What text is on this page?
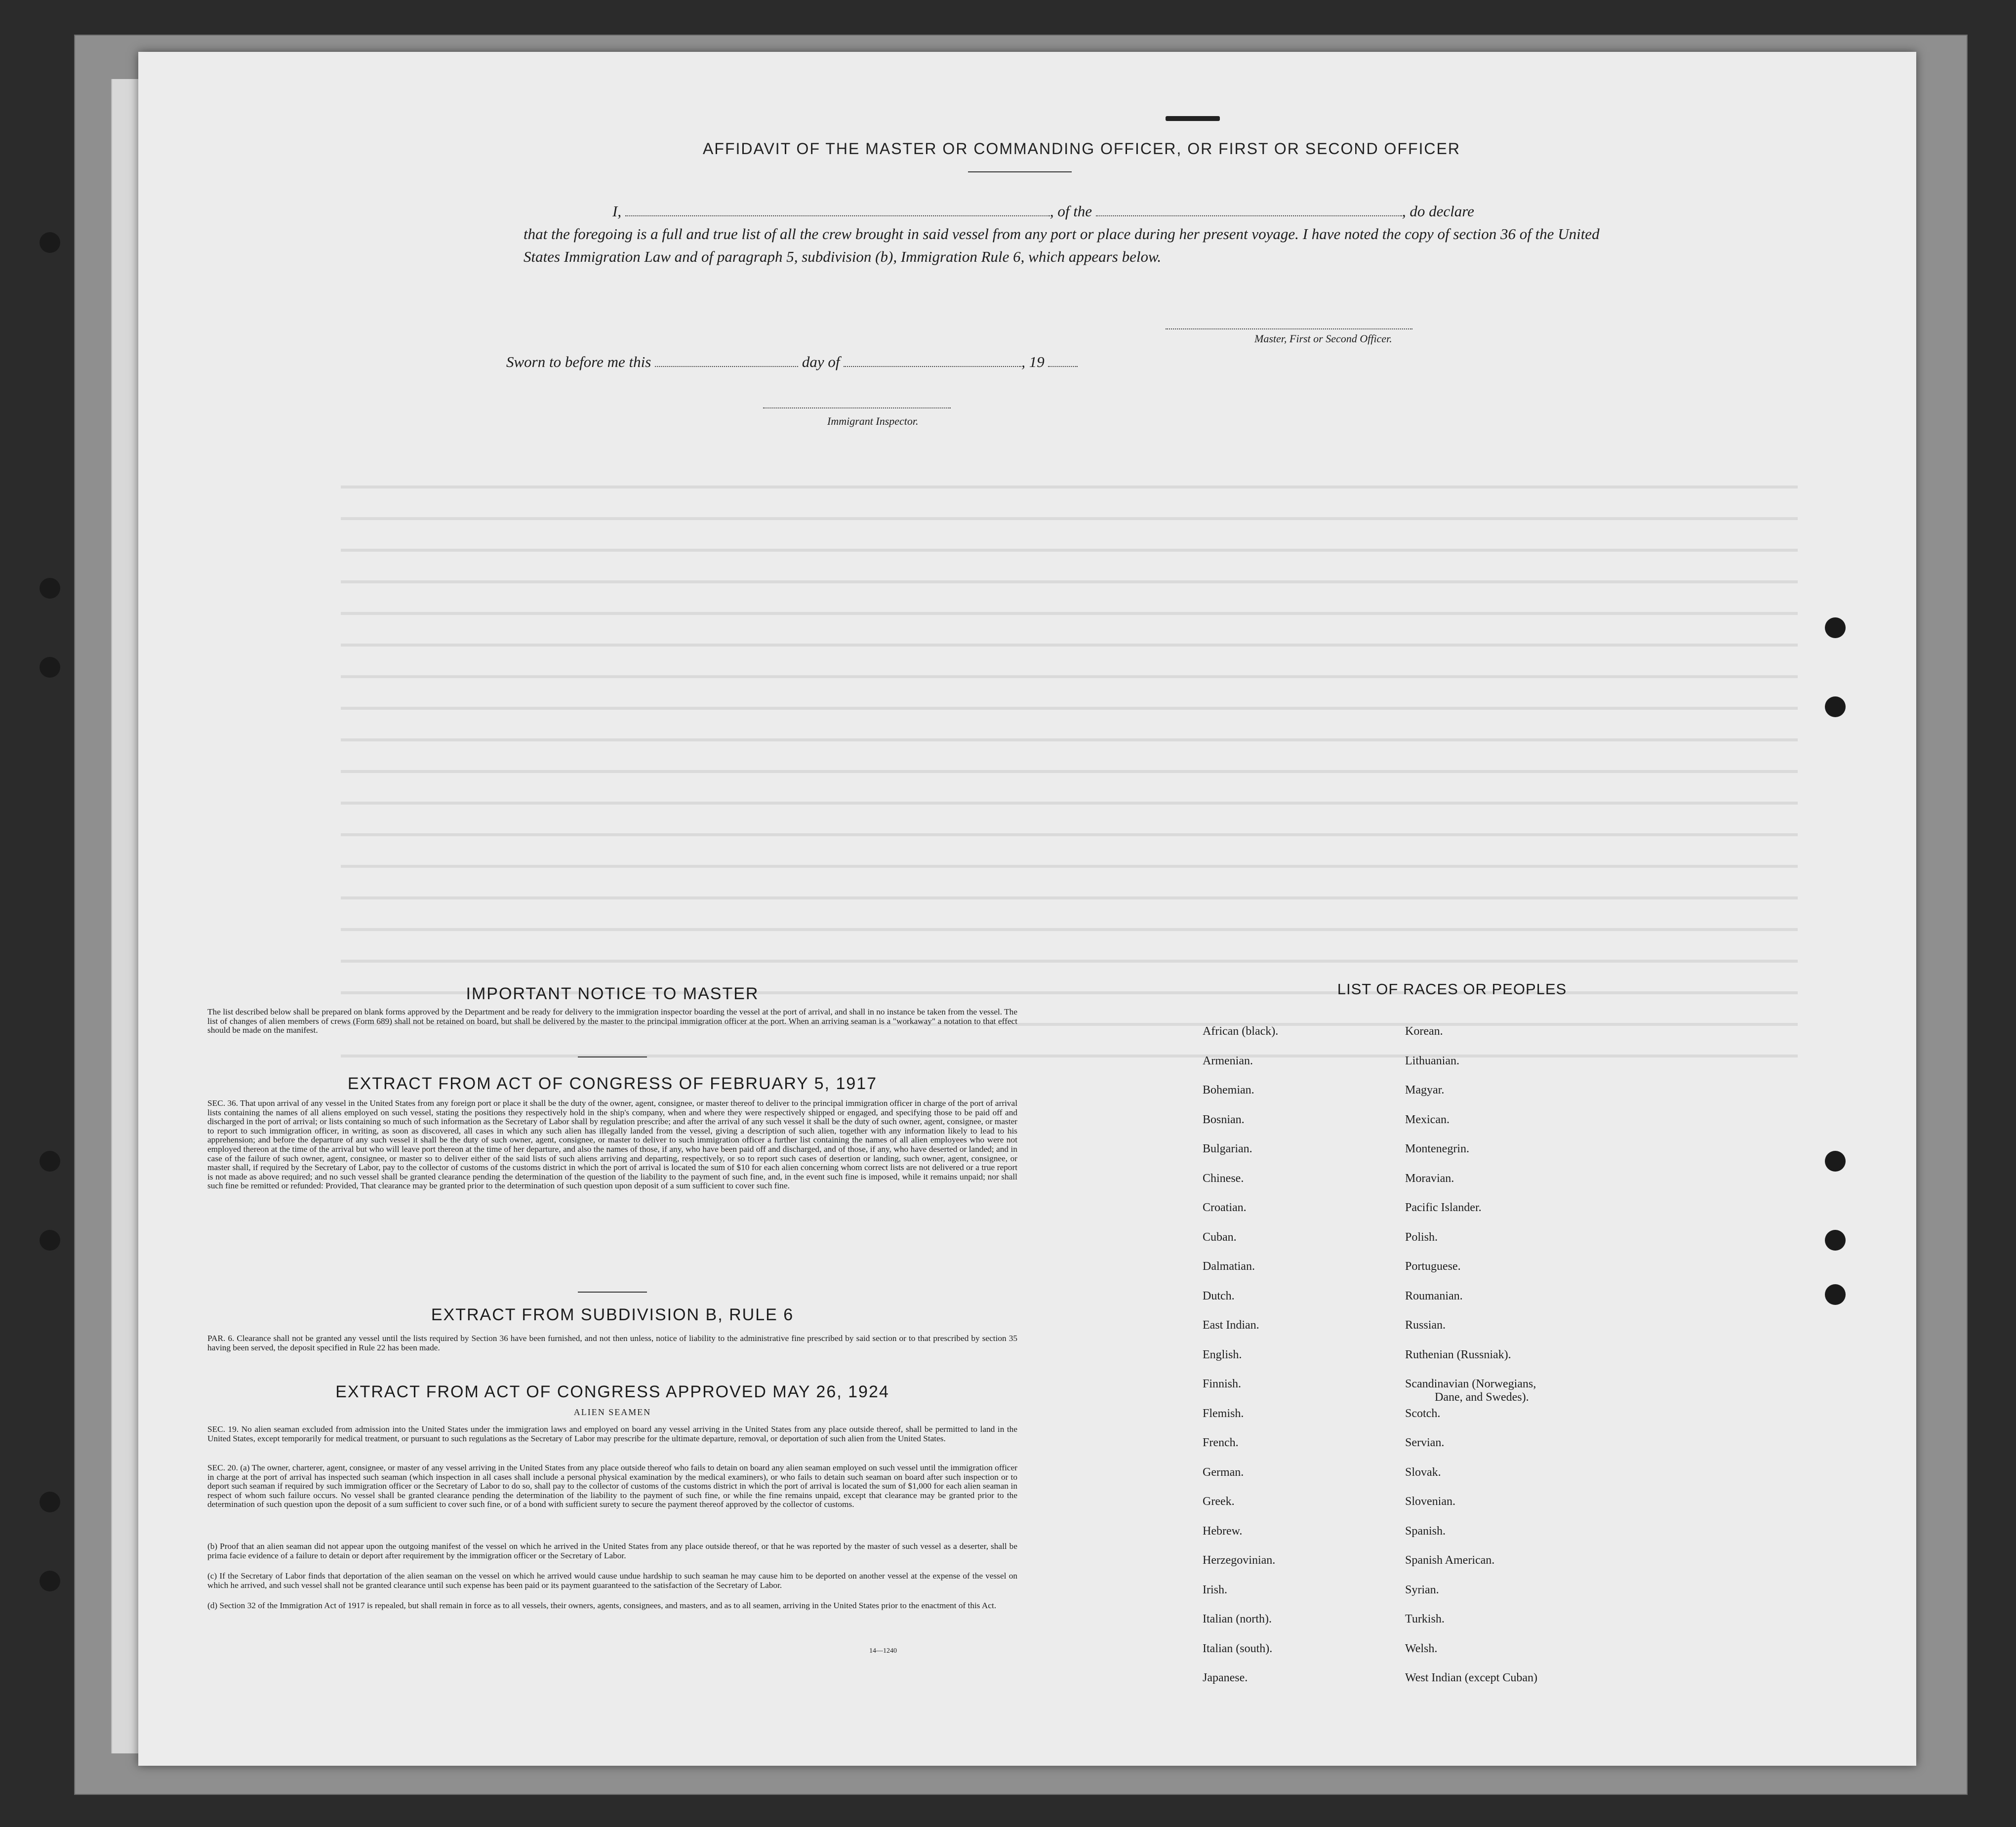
AFFIDAVIT OF THE MASTER OR COMMANDING OFFICER, OR FIRST OR SECOND OFFICER
I,	, of the	, do declare
that the foregoing is a full and true list of all the crew brought in said vessel from any port or place during her present voyage. I have noted the copy of section 36 of the United States Immigration Law and of paragraph 5, subdivision (b), Immigration Rule 6, which appears below.
Master, First or Second Officer.
Sworn to before me this	day of	, 19
Immigrant Inspector.
IMPORTANT NOTICE TO MASTER
The list described below shall be prepared on blank forms approved by the Department and be ready for delivery to the immigration inspector boarding the vessel at the port of arrival, and shall in no instance be taken from the vessel. The list of changes of alien members of crews (Form 689) shall not be retained on board, but shall be delivered by the master to the principal immigration officer at the port. When an arriving seaman is a "workaway" a notation to that effect should be made on the manifest.
EXTRACT FROM ACT OF CONGRESS OF FEBRUARY 5, 1917
SEC. 36. That upon arrival of any vessel in the United States from any foreign port or place it shall be the duty of the owner, agent, consignee, or master thereof to deliver to the principal immigration officer in charge of the port of arrival lists containing the names of all aliens employed on such vessel, stating the positions they respectively hold in the ship's company, when and where they were respectively shipped or engaged, and specifying those to be paid off and discharged in the port of arrival; or lists containing so much of such information as the Secretary of Labor shall by regulation prescribe; and after the arrival of any such vessel it shall be the duty of such owner, agent, consignee, or master to report to such immigration officer, in writing, as soon as discovered, all cases in which any such alien has illegally landed from the vessel, giving a description of such alien, together with any information likely to lead to his apprehension; and before the departure of any such vessel it shall be the duty of such owner, agent, consignee, or master to deliver to such immigration officer a further list containing the names of all alien employees who were not employed thereon at the time of the arrival but who will leave port thereon at the time of her departure, and also the names of those, if any, who have been paid off and discharged, and of those, if any, who have deserted or landed; and in case of the failure of such owner, agent, consignee, or master so to deliver either of the said lists of such aliens arriving and departing, respectively, or so to report such cases of desertion or landing, such owner, agent, consignee, or master shall, if required by the Secretary of Labor, pay to the collector of customs of the customs district in which the port of arrival is located the sum of $10 for each alien concerning whom correct lists are not delivered or a true report is not made as above required; and no such vessel shall be granted clearance pending the determination of the question of the liability to the payment of such fine, and, in the event such fine is imposed, while it remains unpaid; nor shall such fine be remitted or refunded: Provided, That clearance may be granted prior to the determination of such question upon deposit of a sum sufficient to cover such fine.
EXTRACT FROM SUBDIVISION B, RULE 6
PAR. 6. Clearance shall not be granted any vessel until the lists required by Section 36 have been furnished, and not then unless, notice of liability to the administrative fine prescribed by said section or to that prescribed by section 35 having been served, the deposit specified in Rule 22 has been made.
EXTRACT FROM ACT OF CONGRESS APPROVED MAY 26, 1924
ALIEN SEAMEN
SEC. 19. No alien seaman excluded from admission into the United States under the immigration laws and employed on board any vessel arriving in the United States from any place outside thereof, shall be permitted to land in the United States, except temporarily for medical treatment, or pursuant to such regulations as the Secretary of Labor may prescribe for the ultimate departure, removal, or deportation of such alien from the United States.
SEC. 20. (a) The owner, charterer, agent, consignee, or master of any vessel arriving in the United States from any place outside thereof who fails to detain on board any alien seaman employed on such vessel until the immigration officer in charge at the port of arrival has inspected such seaman (which inspection in all cases shall include a personal physical examination by the medical examiners), or who fails to detain such seaman on board after such inspection or to deport such seaman if required by such immigration officer or the Secretary of Labor to do so, shall pay to the collector of customs of the customs district in which the port of arrival is located the sum of $1,000 for each alien seaman in respect of whom such failure occurs. No vessel shall be granted clearance pending the determination of the liability to the payment of such fine, or while the fine remains unpaid, except that clearance may be granted prior to the determination of such question upon the deposit of a sum sufficient to cover such fine, or of a bond with sufficient surety to secure the payment thereof approved by the collector of customs.
(b) Proof that an alien seaman did not appear upon the outgoing manifest of the vessel on which he arrived in the United States from any place outside thereof, or that he was reported by the master of such vessel as a deserter, shall be prima facie evidence of a failure to detain or deport after requirement by the immigration officer or the Secretary of Labor.
(c) If the Secretary of Labor finds that deportation of the alien seaman on the vessel on which he arrived would cause undue hardship to such seaman he may cause him to be deported on another vessel at the expense of the vessel on which he arrived, and such vessel shall not be granted clearance until such expense has been paid or its payment guaranteed to the satisfaction of the Secretary of Labor.
(d) Section 32 of the Immigration Act of 1917 is repealed, but shall remain in force as to all vessels, their owners, agents, consignees, and masters, and as to all seamen, arriving in the United States prior to the enactment of this Act.
14—1240
LIST OF RACES OR PEOPLES
African (black).
Armenian.
Bohemian.
Bosnian.
Bulgarian.
Chinese.
Croatian.
Cuban.
Dalmatian.
Dutch.
East Indian.
English.
Finnish.
Flemish.
French.
German.
Greek.
Hebrew.
Herzegovinian.
Irish.
Italian (north).
Italian (south).
Japanese.
Korean.
Lithuanian.
Magyar.
Mexican.
Montenegrin.
Moravian.
Pacific Islander.
Polish.
Portuguese.
Roumanian.
Russian.
Ruthenian (Russniak).
Scandinavian (Norwegians,
Dane, and Swedes).
Scotch.
Servian.
Slovak.
Slovenian.
Spanish.
Spanish American.
Syrian.
Turkish.
Welsh.
West Indian (except Cuban)
